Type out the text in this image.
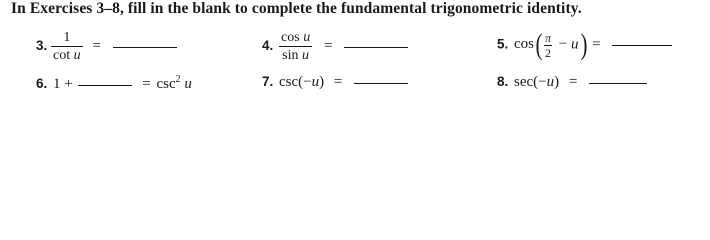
In Exercises 3–8, fill in the blank to complete the fundamental trigonometric identity.
3. $\frac{1}{\text{cot u}}$ =	4. $\frac{\text{cos u}}{\text{sin u}}$ =	5. $\cos( \frac{\pi}{2} - u)$ =
6. 1 +	= $\csc^2 u$	7. csc(−u) =	8. sec(−u) =
